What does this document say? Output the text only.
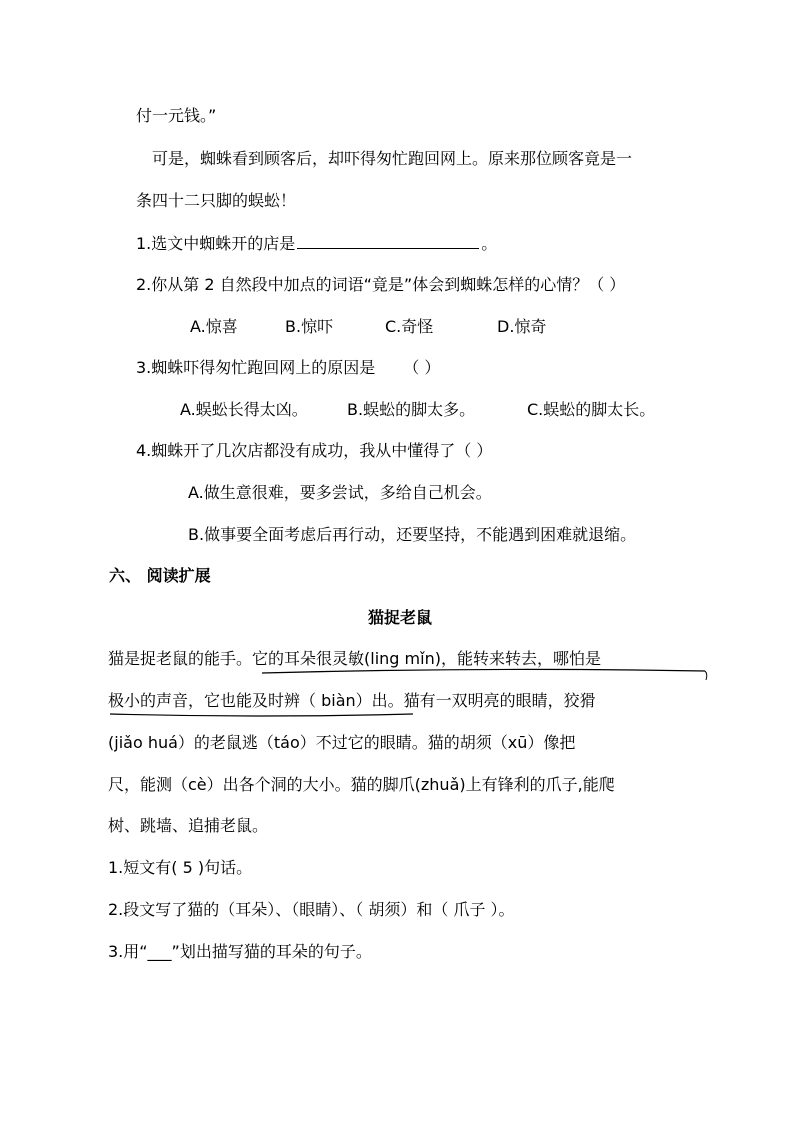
付一元钱。”
可是，蜘蛛看到顾客后，却吓得匆忙跑回网上。原来那位顾客竟是一
条四十二只脚的蜈蚣！
1.选文中蜘蛛开的店是	。
2.你从第 2 自然段中加点的词语“竟是”体会到蜘蛛怎样的心情？（ ）
A.惊喜	B.惊吓	C.奇怪	D.惊奇
3.蜘蛛吓得匆忙跑回网上的原因是 （ ）
A.蜈蚣长得太凶。 B.蜈蚣的脚太多。	C.蜈蚣的脚太长。
4.蜘蛛开了几次店都没有成功，我从中懂得了（ ）
A.做生意很难，要多尝试，多给自己机会。
B.做事要全面考虑后再行动，还要坚持，不能遇到困难就退缩。
六、 阅读扩展
猫捉老鼠
猫是捉老鼠的能手。它的耳朵很灵敏(ling mǐn)，能转来转去，哪怕是
极小的声音，它也能及时辨（ biàn）出。猫有一双明亮的眼睛，狡猾
(jiǎo huá）的老鼠逃（táo）不过它的眼睛。猫的胡须（xū）像把
尺，能测（cè）出各个洞的大小。猫的脚爪(zhuǎ)上有锋利的爪子,能爬
树、跳墙、追捕老鼠。
1.短文有( 5 )句话。
2.段文写了猫的（耳朵）、（眼睛）、（ 胡须）和（ 爪子 ）。
3.用“___”划出描写猫的耳朵的句子。
